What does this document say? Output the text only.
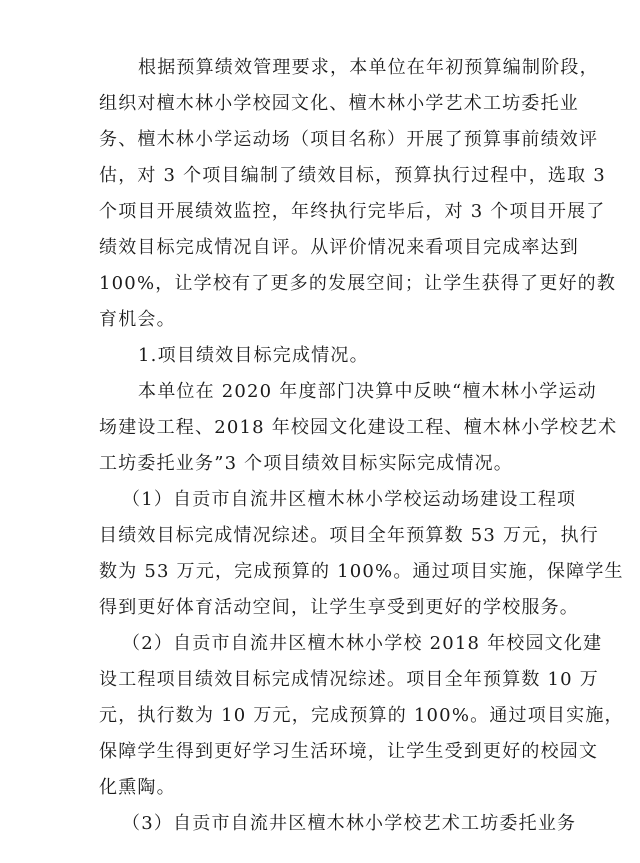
根据预算绩效管理要求，本单位在年初预算编制阶段，
组织对檀木林小学校园文化、檀木林小学艺术工坊委托业
务、檀木林小学运动场（项目名称）开展了预算事前绩效评
估，对 3 个项目编制了绩效目标，预算执行过程中，选取 3
个项目开展绩效监控，年终执行完毕后，对 3 个项目开展了
绩效目标完成情况自评。从评价情况来看项目完成率达到
100%，让学校有了更多的发展空间；让学生获得了更好的教
育机会。
1.项目绩效目标完成情况。
本单位在 2020 年度部门决算中反映“檀木林小学运动
场建设工程、2018 年校园文化建设工程、檀木林小学校艺术
工坊委托业务”3 个项目绩效目标实际完成情况。
（1）自贡市自流井区檀木林小学校运动场建设工程项
目绩效目标完成情况综述。项目全年预算数 53 万元，执行
数为 53 万元，完成预算的 100%。通过项目实施，保障学生
得到更好体育活动空间，让学生享受到更好的学校服务。
（2）自贡市自流井区檀木林小学校 2018 年校园文化建
设工程项目绩效目标完成情况综述。项目全年预算数 10 万
元，执行数为 10 万元，完成预算的 100%。通过项目实施，
保障学生得到更好学习生活环境，让学生受到更好的校园文
化熏陶。
（3）自贡市自流井区檀木林小学校艺术工坊委托业务
